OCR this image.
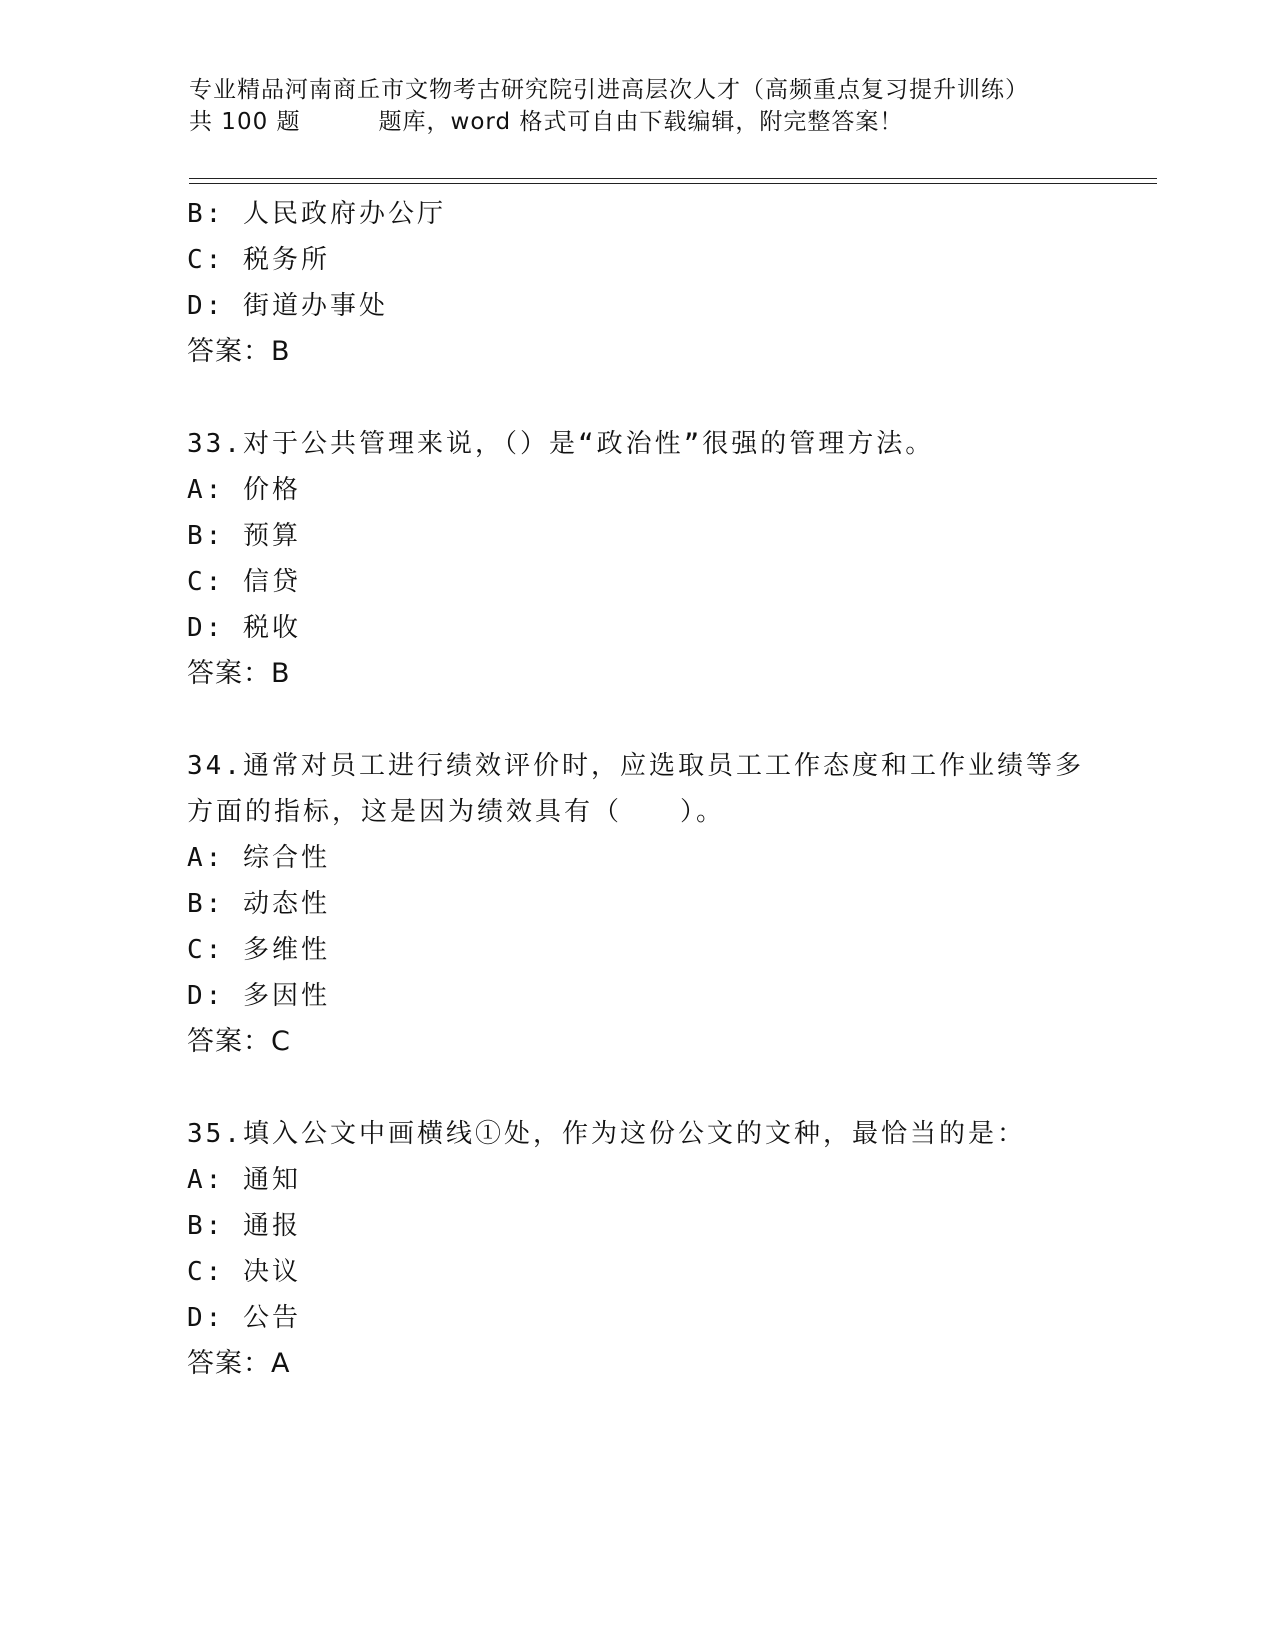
专业精品河南商丘市文物考古研究院引进高层次人才（高频重点复习提升训练）
共 100 题	题库，word 格式可自由下载编辑，附完整答案！
B: 人民政府办公厅
C: 税务所
D: 街道办事处
答案：B
33.对于公共管理来说，（）是“政治性”很强的管理方法。
A: 价格
B: 预算
C: 信贷
D: 税收
答案：B
34.通常对员工进行绩效评价时，应选取员工工作态度和工作业绩等多
方面的指标，这是因为绩效具有（　　）。
A: 综合性
B: 动态性
C: 多维性
D: 多因性
答案：C
35.填入公文中画横线①处，作为这份公文的文种，最恰当的是：
A: 通知
B: 通报
C: 决议
D: 公告
答案：A
